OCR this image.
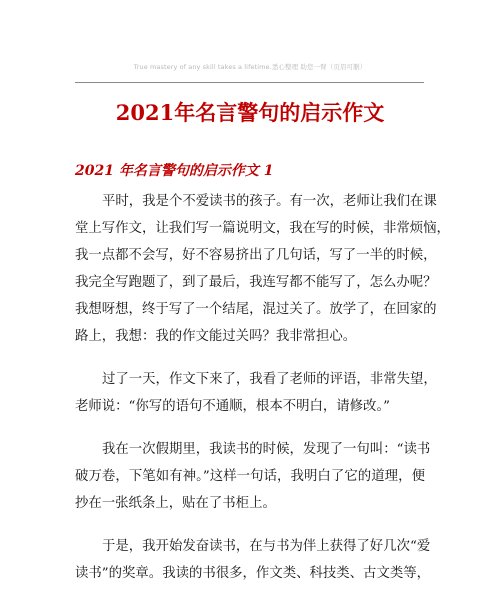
True mastery of any skill takes a lifetime.悉心整理 助您一臂（页眉可删）
2021年名言警句的启示作文
2021 年名言警句的启示作文 1

平时，我是个不爱读书的孩子。有一次，老师让我们在课
堂上写作文，让我们写一篇说明文，我在写的时候，非常烦恼，
我一点都不会写，好不容易挤出了几句话，写了一半的时候，
我完全写跑题了，到了最后，我连写都不能写了，怎么办呢？
我想呀想，终于写了一个结尾，混过关了。放学了，在回家的
路上，我想：我的作文能过关吗？我非常担心。

过了一天，作文下来了，我看了老师的评语，非常失望，
老师说：“你写的语句不通顺，根本不明白，请修改。”

我在一次假期里，我读书的时候，发现了一句叫：“读书
破万卷，下笔如有神。”这样一句话，我明白了它的道理，便
抄在一张纸条上，贴在了书柜上。

于是，我开始发奋读书，在与书为伴上获得了好几次“爱
读书”的奖章。我读的书很多，作文类、科技类、古文类等，
